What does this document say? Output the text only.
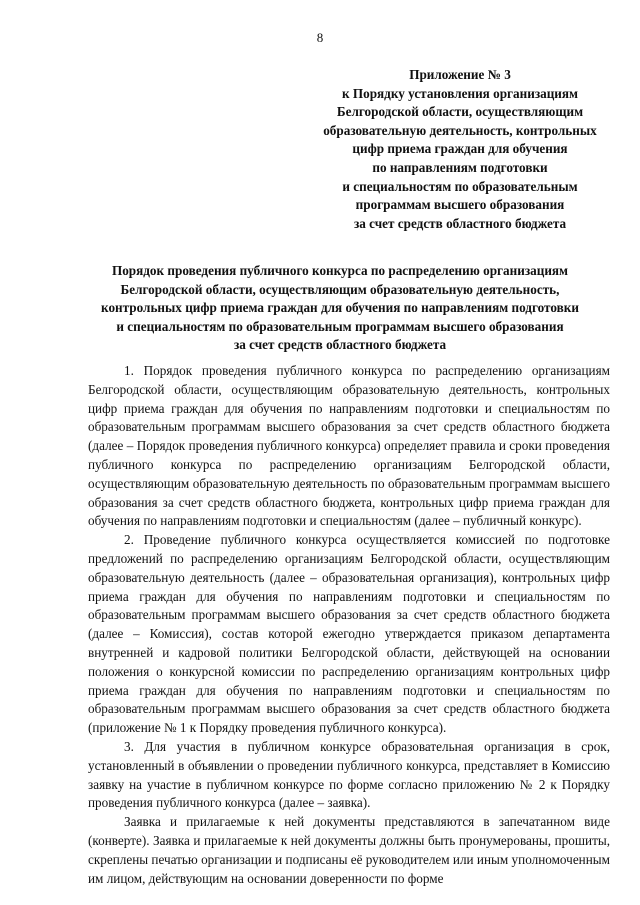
8
Приложение № 3
к Порядку установления организациям
Белгородской области, осуществляющим
образовательную деятельность, контрольных
цифр приема граждан для обучения
по направлениям подготовки
и специальностям по образовательным
программам высшего образования
за счет средств областного бюджета
Порядок проведения публичного конкурса по распределению организациям
Белгородской области, осуществляющим образовательную деятельность,
контрольных цифр приема граждан для обучения по направлениям подготовки
и специальностям по образовательным программам высшего образования
за счет средств областного бюджета

1. Порядок проведения публичного конкурса по распределению организациям Белгородской области, осуществляющим образовательную деятельность, контрольных цифр приема граждан для обучения по направлениям подготовки и специальностям по образовательным программам высшего образования за счет средств областного бюджета (далее – Порядок проведения публичного конкурса) определяет правила и сроки проведения публичного конкурса по распределению организациям Белгородской области, осуществляющим образовательную деятельность по образовательным программам высшего образования за счет средств областного бюджета, контрольных цифр приема граждан для обучения по направлениям подготовки и специальностям (далее – публичный конкурс).

2. Проведение публичного конкурса осуществляется комиссией по подготовке предложений по распределению организациям Белгородской области, осуществляющим образовательную деятельность (далее – образовательная организация), контрольных цифр приема граждан для обучения по направлениям подготовки и специальностям по образовательным программам высшего образования за счет средств областного бюджета (далее – Комиссия), состав которой ежегодно утверждается приказом департамента внутренней и кадровой политики Белгородской области, действующей на основании положения о конкурсной комиссии по распределению организациям контрольных цифр приема граждан для обучения по направлениям подготовки и специальностям по образовательным программам высшего образования за счет средств областного бюджета (приложение № 1 к Порядку проведения публичного конкурса).

3. Для участия в публичном конкурсе образовательная организация в срок, установленный в объявлении о проведении публичного конкурса, представляет в Комиссию заявку на участие в публичном конкурсе по форме согласно приложению № 2 к Порядку проведения публичного конкурса (далее – заявка).

Заявка и прилагаемые к ней документы представляются в запечатанном виде (конверте). Заявка и прилагаемые к ней документы должны быть пронумерованы, прошиты, скреплены печатью организации и подписаны её руководителем или иным уполномоченным им лицом, действующим на основании доверенности по форме
